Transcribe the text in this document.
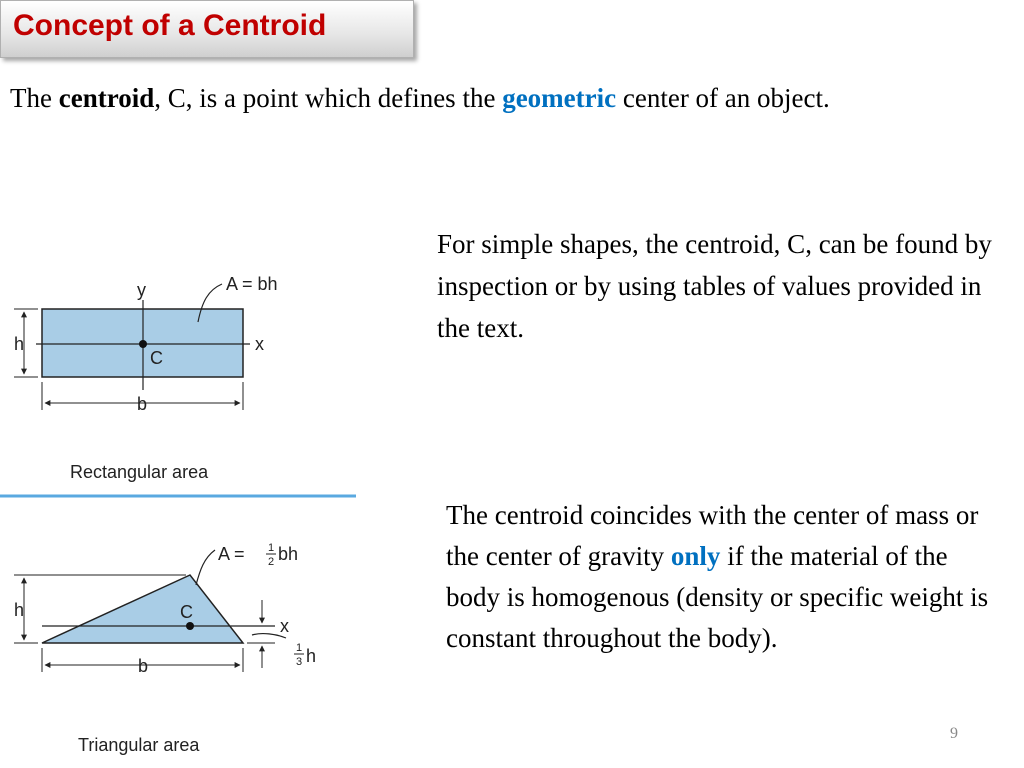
Concept of a Centroid
The centroid, C, is a point which defines the geometric center of an object.
For simple shapes, the centroid, C, can be found by inspection or by using tables of values provided in the text.
The centroid coincides with the center of mass or the center of gravity only if the material of the body is homogenous (density or specific weight is constant throughout the body).
y
x
h
b
C
A = bh
Rectangular area
x
h
b
C
A = 1
2 bh
1
3 h
Triangular area
9
